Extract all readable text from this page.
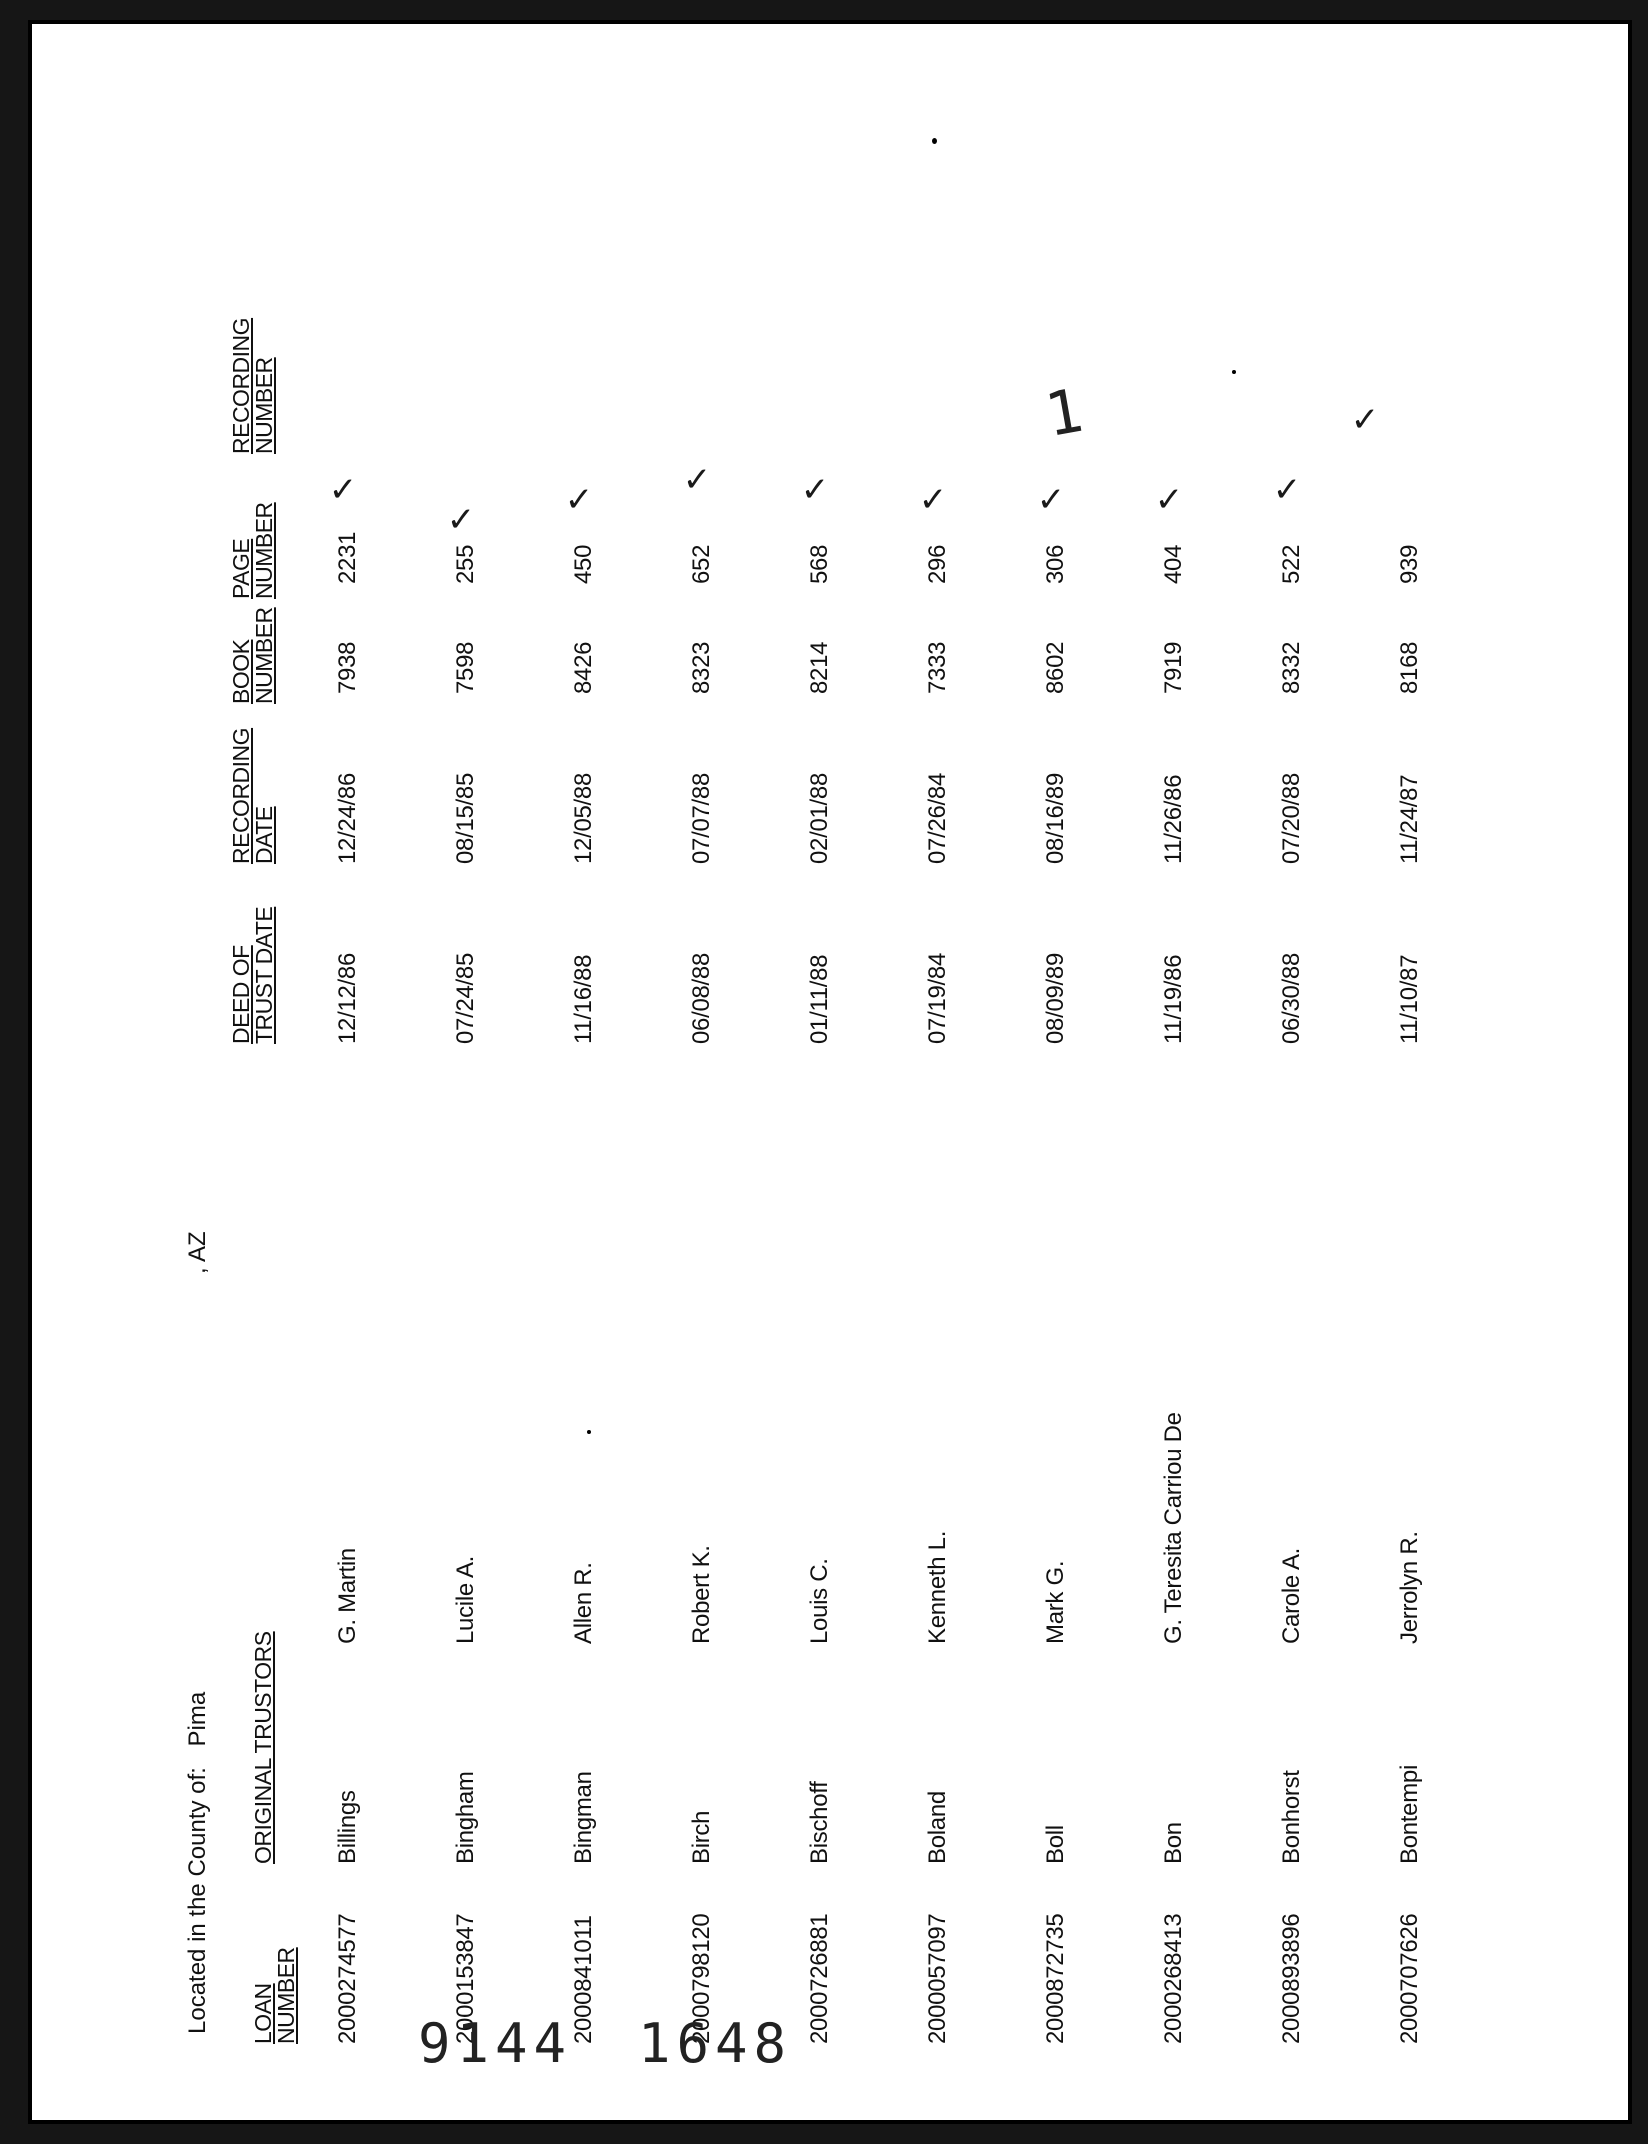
Located in the County of: Pima
, AZ
LOAN NUMBER
ORIGINAL TRUSTORS
DEED OF TRUST DATE
RECORDING DATE
BOOK NUMBER
PAGE NUMBER
RECORDING NUMBER
2000274577
Billings
G. Martin
12/12/86
12/24/86
7938
2231
✓
2000153847
Bingham
Lucile A.
07/24/85
08/15/85
7598
255
✓
2000841011
Bingman
Allen R.
11/16/88
12/05/88
8426
450
✓
2000798120
Birch
Robert K.
06/08/88
07/07/88
8323
652
✓
2000726881
Bischoff
Louis C.
01/11/88
02/01/88
8214
568
✓
2000057097
Boland
Kenneth L.
07/19/84
07/26/84
7333
296
✓
2000872735
Boll
Mark G.
08/09/89
08/16/89
8602
306
✓
2000268413
Bon
G. Teresita Carriou De
11/19/86
11/26/86
7919
404
✓
2000893896
Bonhorst
Carole A.
06/30/88
07/20/88
8332
522
✓
2000707626
Bontempi
Jerrolyn R.
11/10/87
11/24/87
8168
939
✓
1
9144 1648
